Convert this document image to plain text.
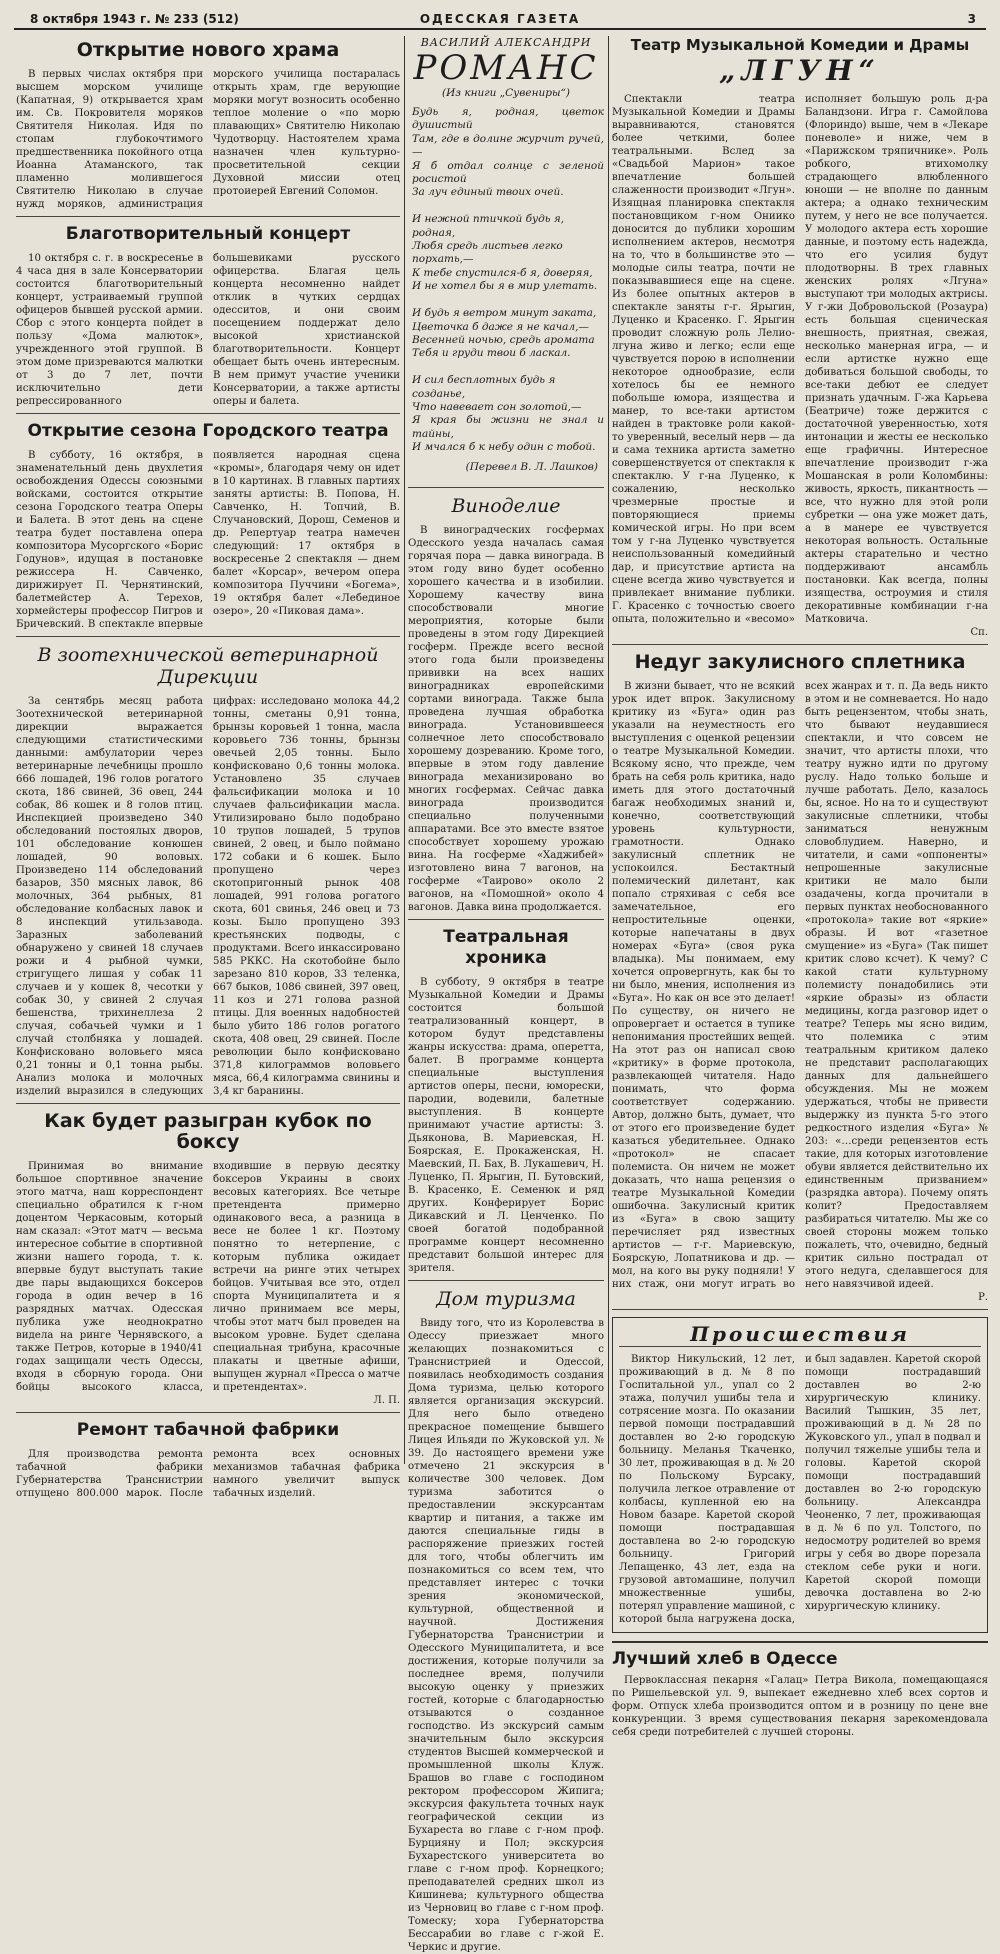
8 октября 1943 г. № 233 (512)	ОДЕССКАЯ ГАЗЕТА	3
Открытие нового храма

В первых числах октября при высшем морском училище (Капатная, 9) открывается храм им. Св. Покровителя моряков Святителя Николая. Идя по стопам глубокочтимого предшественника покойного отца Иоанна Атаманского, так пламенно молившегося Святителю Николаю в случае нужд моряков, администрация морского училища постаралась открыть храм, где верующие моряки могут возносить особенно теплое моление о «по морю плавающих» Святителю Николаю Чудотворцу. Настоятелем храма назначен член культурно-просветительной секции Духовной миссии отец протоиерей Евгений Соломон.

Благотворительный концерт

10 октября с. г. в воскресенье в 4 часа дня в зале Консерватории состоится благотворительный концерт, устраиваемый группой офицеров бывшей русской армии. Сбор с этого концерта пойдет в пользу «Дома малюток», учрежденного этой группой. В этом доме призреваются малютки от 3 до 7 лет, почти исключительно дети репрессированного большевиками русского офицерства. Благая цель концерта несомненно найдет отклик в чутких сердцах одесситов, и они своим посещением поддержат дело высокой христианской благотворительности. Концерт обещает быть очень интересным. В нем примут участие ученики Консерватории, а также артисты оперы и балета.

Открытие сезона Городского театра

В субботу, 16 октября, в знаменательный день двухлетия освобождения Одессы союзными войсками, состоится открытие сезона Городского театра Оперы и Балета. В этот день на сцене театра будет поставлена опера композитора Мусоргского «Борис Годунов», идущая в постановке режиссера Н. Савченко, дирижирует П. Чернятинский, балетмейстер А. Терехов, хормейстеры профессор Пигров и Бричевский. В спектакле впервые появляется народная сцена «кромы», благодаря чему он идет в 10 картинах. В главных партиях заняты артисты: В. Попова, Н. Савченко, Н. Топчий, В. Случановский, Дорош, Семенов и др. Репертуар театра намечен следующий: 17 октября в воскресенье 2 спектакля — днем балет «Корсар», вечером опера композитора Пуччини «Богема», 19 октября балет «Лебединое озеро», 20 «Пиковая дама».

В зоотехнической ветеринарной Дирекции

За сентябрь месяц работа Зоотехнической ветеринарной дирекции выражается следующими статистическими данными: амбулатории через ветеринарные лечебницы прошло 666 лошадей, 196 голов рогатого скота, 186 свиней, 36 овец, 244 собак, 86 кошек и 8 голов птиц. Инспекцией произведено 340 обследований постоялых дворов, 101 обследование конюшен лошадей, 90 воловых. Произведено 114 обследований базаров, 350 мясных лавок, 86 молочных, 364 рыбных, 81 обследование колбасных лавок и 8 инспекций утильзавода. Заразных заболеваний обнаружено у свиней 18 случаев рожи и 4 рыбной чумки, стригущего лишая у собак 11 случаев и у кошек 8, чесотки у собак 30, у свиней 2 случая бешенства, трихинеллеза 2 случая, собачьей чумки и 1 случай столбняка у лошадей. Конфисковано воловьего мяса 0,21 тонны и 0,1 тонна рыбы. Анализ молока и молочных изделий выразился в следующих цифрах: исследовано молока 44,2 тонны, сметаны 0,91 тонна, брынзы коровьей 1 тонна, масла коровьего 736 тонны, брынзы овечьей 2,05 тонны. Было конфисковано 0,6 тонны молока. Установлено 35 случаев фальсификации молока и 10 случаев фальсификации масла. Утилизировано было подобрано 10 трупов лошадей, 5 трупов свиней, 2 овец, и было поймано 172 собаки и 6 кошек. Было пропущено через скотопригонный рынок 408 лошадей, 991 голова рогатого скота, 601 свинья, 246 овец и 73 козы. Было пропущено 393 крестьянских подводы, с продуктами. Всего инкассировано 585 РККС. На скотобойне было зарезано 810 коров, 33 теленка, 667 быков, 1086 свиней, 397 овец, 11 коз и 271 голова разной птицы. Для военных надобностей было убито 186 голов рогатого скота, 408 овец, 29 свиней. После революции было конфисковано 371,8 килограммов воловьего мяса, 66,4 килограмма свинины и 3,4 кг баранины.

Как будет разыгран кубок по боксу

Принимая во внимание большое спортивное значение этого матча, наш корреспондент специально обратился к г-ном доцентом Черкасовым, который нам сказал: «Этот матч — весьма интересное событие в спортивной жизни нашего города, т. к. впервые будут выступать такие две пары выдающихся боксеров города в один вечер в 16 разрядных матчах. Одесская публика уже неоднократно видела на ринге Чернявского, а также Петров, которые в 1940/41 годах защищали честь Одессы, входя в сборную города. Они бойцы высокого класса, входившие в первую десятку боксеров Украины в своих весовых категориях. Все четыре претендента примерно одинакового веса, а разница в весе не более 1 кг. Поэтому понятно то нетерпение, с которым публика ожидает встречи на ринге этих четырех бойцов. Учитывая все это, отдел спорта Муниципалитета и я лично принимаем все меры, чтобы этот матч был проведен на высоком уровне. Будет сделана специальная трибуна, красочные плакаты и цветные афиши, выпущен журнал «Пресса о матче и претендентах».

Л. П.
Ремонт табачной фабрики

Для производства ремонта табачной фабрики Губернатерства Транснистрии отпущено 800.000 марок. После ремонта всех основных механизмов табачная фабрика намного увеличит выпуск табачных изделий.

ВАСИЛИЙ АЛЕКСАНДРИ
РОМАНС
(Из книги „Сувениры“)
Будь я, родная, цветок душистый
Там, где в долине журчит ручей,—
Я б отдал солнце с зеленой росистой
За луч единый твоих очей.

И нежной птичкой будь я,
родная,
Любя средь листьев легко
порхать,—
К тебе спустился-б я, доверяя,
И не хотел бы я в мир улетать.

И будь я ветром минут заката,
Цветочка б даже я не качал,—
Весенней ночью, средь аромата
Тебя и груди твои б ласкал.

И сил бесплотных будь я
созданье,
Что навевает сон золотой,—
Я края бы жизни не знал и тайны,
И мчался б к небу один с тобой.
(Перевел В. Л. Лашков)
Виноделие

В виноградческих госфермах Одесского уезда началась самая горячая пора — давка винограда. В этом году вино будет особенно хорошего качества и в изобилии. Хорошему качеству вина способствовали многие мероприятия, которые были проведены в этом году Дирекцией госферм. Прежде всего весной этого года были произведены прививки на всех наших виноградниках европейскими сортами винограда. Также была проведена лучшая обработка винограда. Установившееся солнечное лето способствовало хорошему дозреванию. Кроме того, впервые в этом году давление винограда механизировано во многих госфермах. Сейчас давка винограда производится специально полученными аппаратами. Все это вместе взятое способствует хорошему урожаю вина. На госферме «Хаджибей» изготовлено вина 7 вагонов, на госферме «Таирово» около 2 вагонов, на «Помошной» около 4 вагонов. Давка вина продолжается.

Театральная хроника

В субботу, 9 октября в театре Музыкальной Комедии и Драмы состоится большой театрализованный концерт, в котором будут представлены жанры искусства: драма, оперетта, балет. В программе концерта специальные выступления артистов оперы, песни, юморески, пародии, водевили, балетные выступления. В концерте принимают участие артисты: З. Дьяконова, В. Мариевская, Н. Боярская, Е. Прокаженская, Н. Маевский, П. Бах, В. Лукашевич, Н. Луценко, П. Ярыгин, П. Бутовский, В. Красенко, Е. Семенюк и ряд других. Конферирует Борис Дикавский и Л. Ценченко. По своей богатой подобранной программе концерт несомненно представит большой интерес для зрителя.

Дом туризма

Ввиду того, что из Королевства в Одессу приезжает много желающих познакомиться с Транснистрией и Одессой, появилась необходимость создания Дома туризма, целью которого является организация экскурсий. Для него было отведено прекрасное помещение бывшего Лицея Ильяди по Жуковской ул. № 39. До настоящего времени уже отмечено 21 экскурсия в количестве 300 человек. Дом туризма заботится о предоставлении экскурсантам квартир и питания, а также им даются специальные гиды в распоряжение приезжих гостей для того, чтобы облегчить им познакомиться со всем тем, что представляет интерес с точки зрения экономической, культурной, общественной и научной. Достижения Губернаторства Транснистрии и Одесского Муниципалитета, и все достижения, которые получили за последнее время, получили высокую оценку у приезжих гостей, которые с благодарностью отзываются о созданное господство. Из экскурсий самым значительным было экскурсия студентов Высшей коммерческой и промышленной школы Клуж. Брашов во главе с господином ректором профессором Жипига; экскурсия факультета точных наук географической секции из Бухареста во главе с г-ном проф. Бурцияну и Пол; экскурсия Бухарестского университета во главе с г-ном проф. Корнецкого; преподавателей средних школ из Кишинева; культурного общества из Черновиц во главе с г-ном проф. Томеску; хора Губернаторства Бессарабии во главе с г-жой Е. Черкис и другие.

Театр Музыкальной Комедии и Драмы
„ЛГУН“

Спектакли театра Музыкальной Комедии и Драмы выравниваются, становятся более четкими, более театральными. Вслед за «Свадьбой Марион» такое впечатление большей слаженности производит «Лгун». Изящная планировка спектакля постановщиком г-ном Ониико доносится до публики хорошим исполнением актеров, несмотря на то, что в большинстве это — молодые силы театра, почти не показывавшиеся еще на сцене. Из более опытных актеров в спектакле заняты г-г. Ярыгин, Луценко и Красенко. Г. Ярыгин проводит сложную роль Лелио-лгуна живо и легко; если еще чувствуется порою в исполнении некоторое однообразие, если хотелось бы ее немного побольше юмора, изящества и манер, то все-таки артистом найден в трактовке роли какой-то уверенный, веселый нерв — да и сама техника артиста заметно совершенствуется от спектакля к спектаклю. У г-на Луценко, к сожалению, несколько чрезмерные простые и повторяющиеся приемы комической игры. Но при всем том у г-на Луценко чувствуется неиспользованный комедийный дар, и присутствие артиста на сцене всегда живо чувствуется и привлекает внимание публики. Г. Красенко с точностью своего опыта, положительно и «весомо» исполняет большую роль д-ра Баландзони. Игра г. Самойлова (Флориндо) выше, чем в «Лекаре поневоле» и ниже, чем в «Парижском тряпичнике». Роль робкого, втихомолку страдающего влюбленного юноши — не вполне по данным актера; а однако техническим путем, у него не все получается. У молодого актера есть хорошие данные, и поэтому есть надежда, что его усилия будут плодотворны. В трех главных женских ролях «Лгуна» выступают три молодых актрисы. У г-жи Добровольской (Розаура) есть большая сценическая внешность, приятная, свежая, несколько манерная игра, — и если артистке нужно еще добиваться большой свободы, то все-таки дебют ее следует признать удачным. Г-жа Карьева (Беатриче) тоже держится с достаточной уверенностью, хотя интонации и жесты ее несколько еще графичны. Интересное впечатление производит г-жа Мошанская в роли Коломбины: живость, яркость, пикантность — все, что нужно для этой роли субретки — она уже может дать, а в манере ее чувствуется некоторая вольность. Остальные актеры старательно и честно поддерживают ансамбль постановки. Как всегда, полны изящества, остроумия и стиля декоративные комбинации г-на Матковича.

Сп.
Недуг закулисного сплетника

В жизни бывает, что не всякий урок идет впрок. Закулисному критику из «Буга» один раз указали на неуместность его выступления с оценкой рецензии о театре Музыкальной Комедии. Всякому ясно, что прежде, чем брать на себя роль критика, надо иметь для этого достаточный багаж необходимых знаний и, конечно, соответствующий уровень культурности, грамотности. Однако закулисный сплетник не успокоился. Бестактный полемический дилетант, как попало стряхивая с себя все замечательное, его непростительные оценки, которые напечатаны в двух номерах «Буга» (своя рука владыка). Мы понимаем, ему хочется опровергнуть, как бы то ни было, мнения, исполнения из «Буга». Но как он все это делает! По существу, он ничего не опровергает и остается в тупике непонимания простейших вещей. На этот раз он написал свою «критику» в форме протокола, развлекающей читателя. Надо понимать, что форма соответствует содержанию. Автор, должно быть, думает, что от этого его произведение будет казаться убедительнее. Однако «протокол» не спасает полемиста. Он ничем не может доказать, что наша рецензия о театре Музыкальной Комедии ошибочна. Закулисный критик из «Буга» в свою защиту перечисляет ряд известных артистов — г-г. Мариевскую, Боярскую, Лопатникова и др. — мол, на кого вы руку подняли! У них стаж, они могут играть во всех жанрах и т. п. Да ведь никто в этом и не сомневается. Но надо быть рецензентом, чтобы знать, что бывают неудавшиеся спектакли, и что совсем не значит, что артисты плохи, что театру нужно идти по другому руслу. Надо только больше и лучше работать. Дело, казалось бы, ясное. Но на то и существуют закулисные сплетники, чтобы заниматься ненужным словоблудием. Наверно, и читатели, и сами «оппоненты» непрошенные закулисные критики не мало были озадачены, когда прочитали в первых пунктах необоснованного «протокола» такие вот «яркие» образы. И вот «газетное смущение» из «Буга» (Так пишет критик слово ксчет). К чему? С какой стати культурному полемисту понадобились эти «яркие образы» из области медицины, когда разговор идет о театре? Теперь мы ясно видим, что полемика с этим театральным критиком далеко не представит располагающих данных для дальнейшего обсуждения. Мы не можем удержаться, чтобы не привести выдержку из пункта 5-го этого редкостного изделия «Буга» № 203: «…среди рецензентов есть такие, для которых изготовление обуви является действительно их единственным призванием» (разрядка автора). Почему опять колит? Предоставляем разбираться читателю. Мы же со своей стороны можем только пожалеть, что, очевидно, бедный критик сильно пострадал от этого недуга, сделавшегося для него навязчивой идеей.

Р.
Происшествия

Виктор Никульский, 12 лет, проживающий в д. № 8 по Госпитальной ул., упал со 2 этажа, получил ушибы тела и сотрясение мозга. По оказании первой помощи пострадавший доставлен во 2-ю городскую больницу. Меланья Ткаченко, 30 лет, проживающая в д. № 20 по Польскому Бурсаку, получила легкое отравление от колбасы, купленной ею на Новом базаре. Каретой скорой помощи пострадавшая доставлена во 2-ю городскую больницу. Григорий Лепащенко, 43 лет, езда на грузовой автомашине, получил множественные ушибы, потерял управление машиной, с которой была нагружена доска, и был задавлен. Каретой скорой помощи пострадавший доставлен во 2-ю хирургическую клинику. Василий Тышкин, 35 лет, проживающий в д. № 28 по Жуковского ул., упал в подвал и получил тяжелые ушибы тела и головы. Каретой скорой помощи пострадавший доставлен во 2-ю городскую больницу. Александра Чеоненко, 7 лет, проживающая в д. № 6 по ул. Толстого, по недосмотру родителей во время игры у себя во дворе порезала стеклом себе руки и ноги. Каретой скорой помощи девочка доставлена во 2-ю хирургическую клинику.

Лучший хлеб в Одессе

Первоклассная пекарня «Галац» Петра Викола, помещающаяся по Ришельевской ул. 9, выпекает ежедневно хлеб всех сортов и форм. Отпуск хлеба производится оптом и в розницу по цене вне конкуренции. З время существования пекарня зарекомендовала себя среди потребителей с лучшей стороны.
